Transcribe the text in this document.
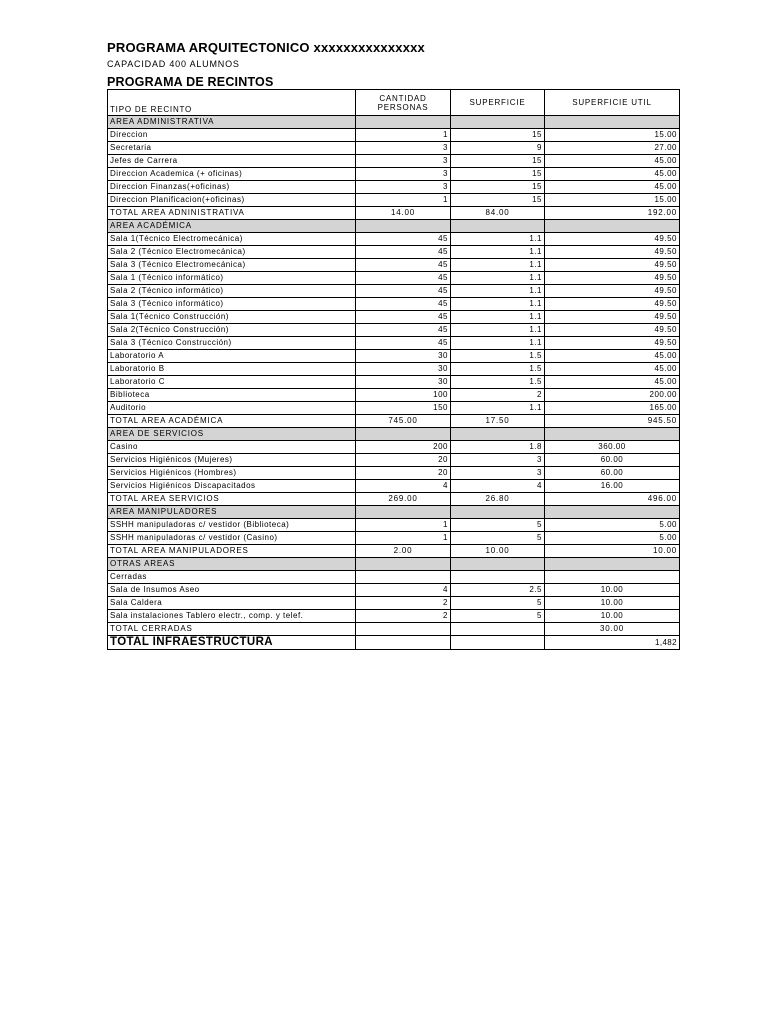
PROGRAMA ARQUITECTONICO xxxxxxxxxxxxxxx
CAPACIDAD 400 ALUMNOS
PROGRAMA DE RECINTOS
TIPO DE RECINTO	CANTIDAD PERSONAS	SUPERFICIE	SUPERFICIE UTIL
AREA ADMINISTRATIVA			
Direccion	1	15	15.00
Secretaria	3	9	27.00
Jefes de Carrera	3	15	45.00
Direccion Academica (+ oficinas)	3	15	45.00
Direccion Finanzas(+oficinas)	3	15	45.00
Direccion Planificacion(+oficinas)	1	15	15.00
TOTAL AREA ADNINISTRATIVA	14.00	84.00	192.00
AREA ACADÉMICA			
Sala 1(Técnico Electromecánica)	45	1.1	49.50
Sala 2 (Técnico Electromecánica)	45	1.1	49.50
Sala 3 (Técnico Electromecánica)	45	1.1	49.50
Sala 1 (Técnico informático)	45	1.1	49.50
Sala 2 (Técnico informático)	45	1.1	49.50
Sala 3 (Técnico informático)	45	1.1	49.50
Sala 1(Técnico Construcción)	45	1.1	49.50
Sala 2(Técnico Construcción)	45	1.1	49.50
Sala 3 (Técnico Construcción)	45	1.1	49.50
Laboratorio A	30	1.5	45.00
Laboratorio B	30	1.5	45.00
Laboratorio C	30	1.5	45.00
Biblioteca	100	2	200.00
Auditorio	150	1.1	165.00
TOTAL AREA ACADÉMICA	745.00	17.50	945.50
AREA DE SERVICIOS			
Casino	200	1.8	360.00
Servicios Higiénicos (Mujeres)	20	3	60.00
Servicios Higiénicos (Hombres)	20	3	60.00
Servicios Higiénicos Discapacitados	4	4	16.00
TOTAL AREA SERVICIOS	269.00	26.80	496.00
AREA MANIPULADORES			
SSHH manipuladoras c/ vestidor (Biblioteca)	1	5	5.00
SSHH manipuladoras c/ vestidor (Casino)	1	5	5.00
TOTAL AREA MANIPULADORES	2.00	10.00	10.00
OTRAS AREAS			
Cerradas			
Sala de Insumos Aseo	4	2.5	10.00
Sala Caldera	2	5	10.00
Sala instalaciones Tablero electr., comp. y telef.	2	5	10.00
TOTAL CERRADAS			30.00
TOTAL INFRAESTRUCTURA			1,482
